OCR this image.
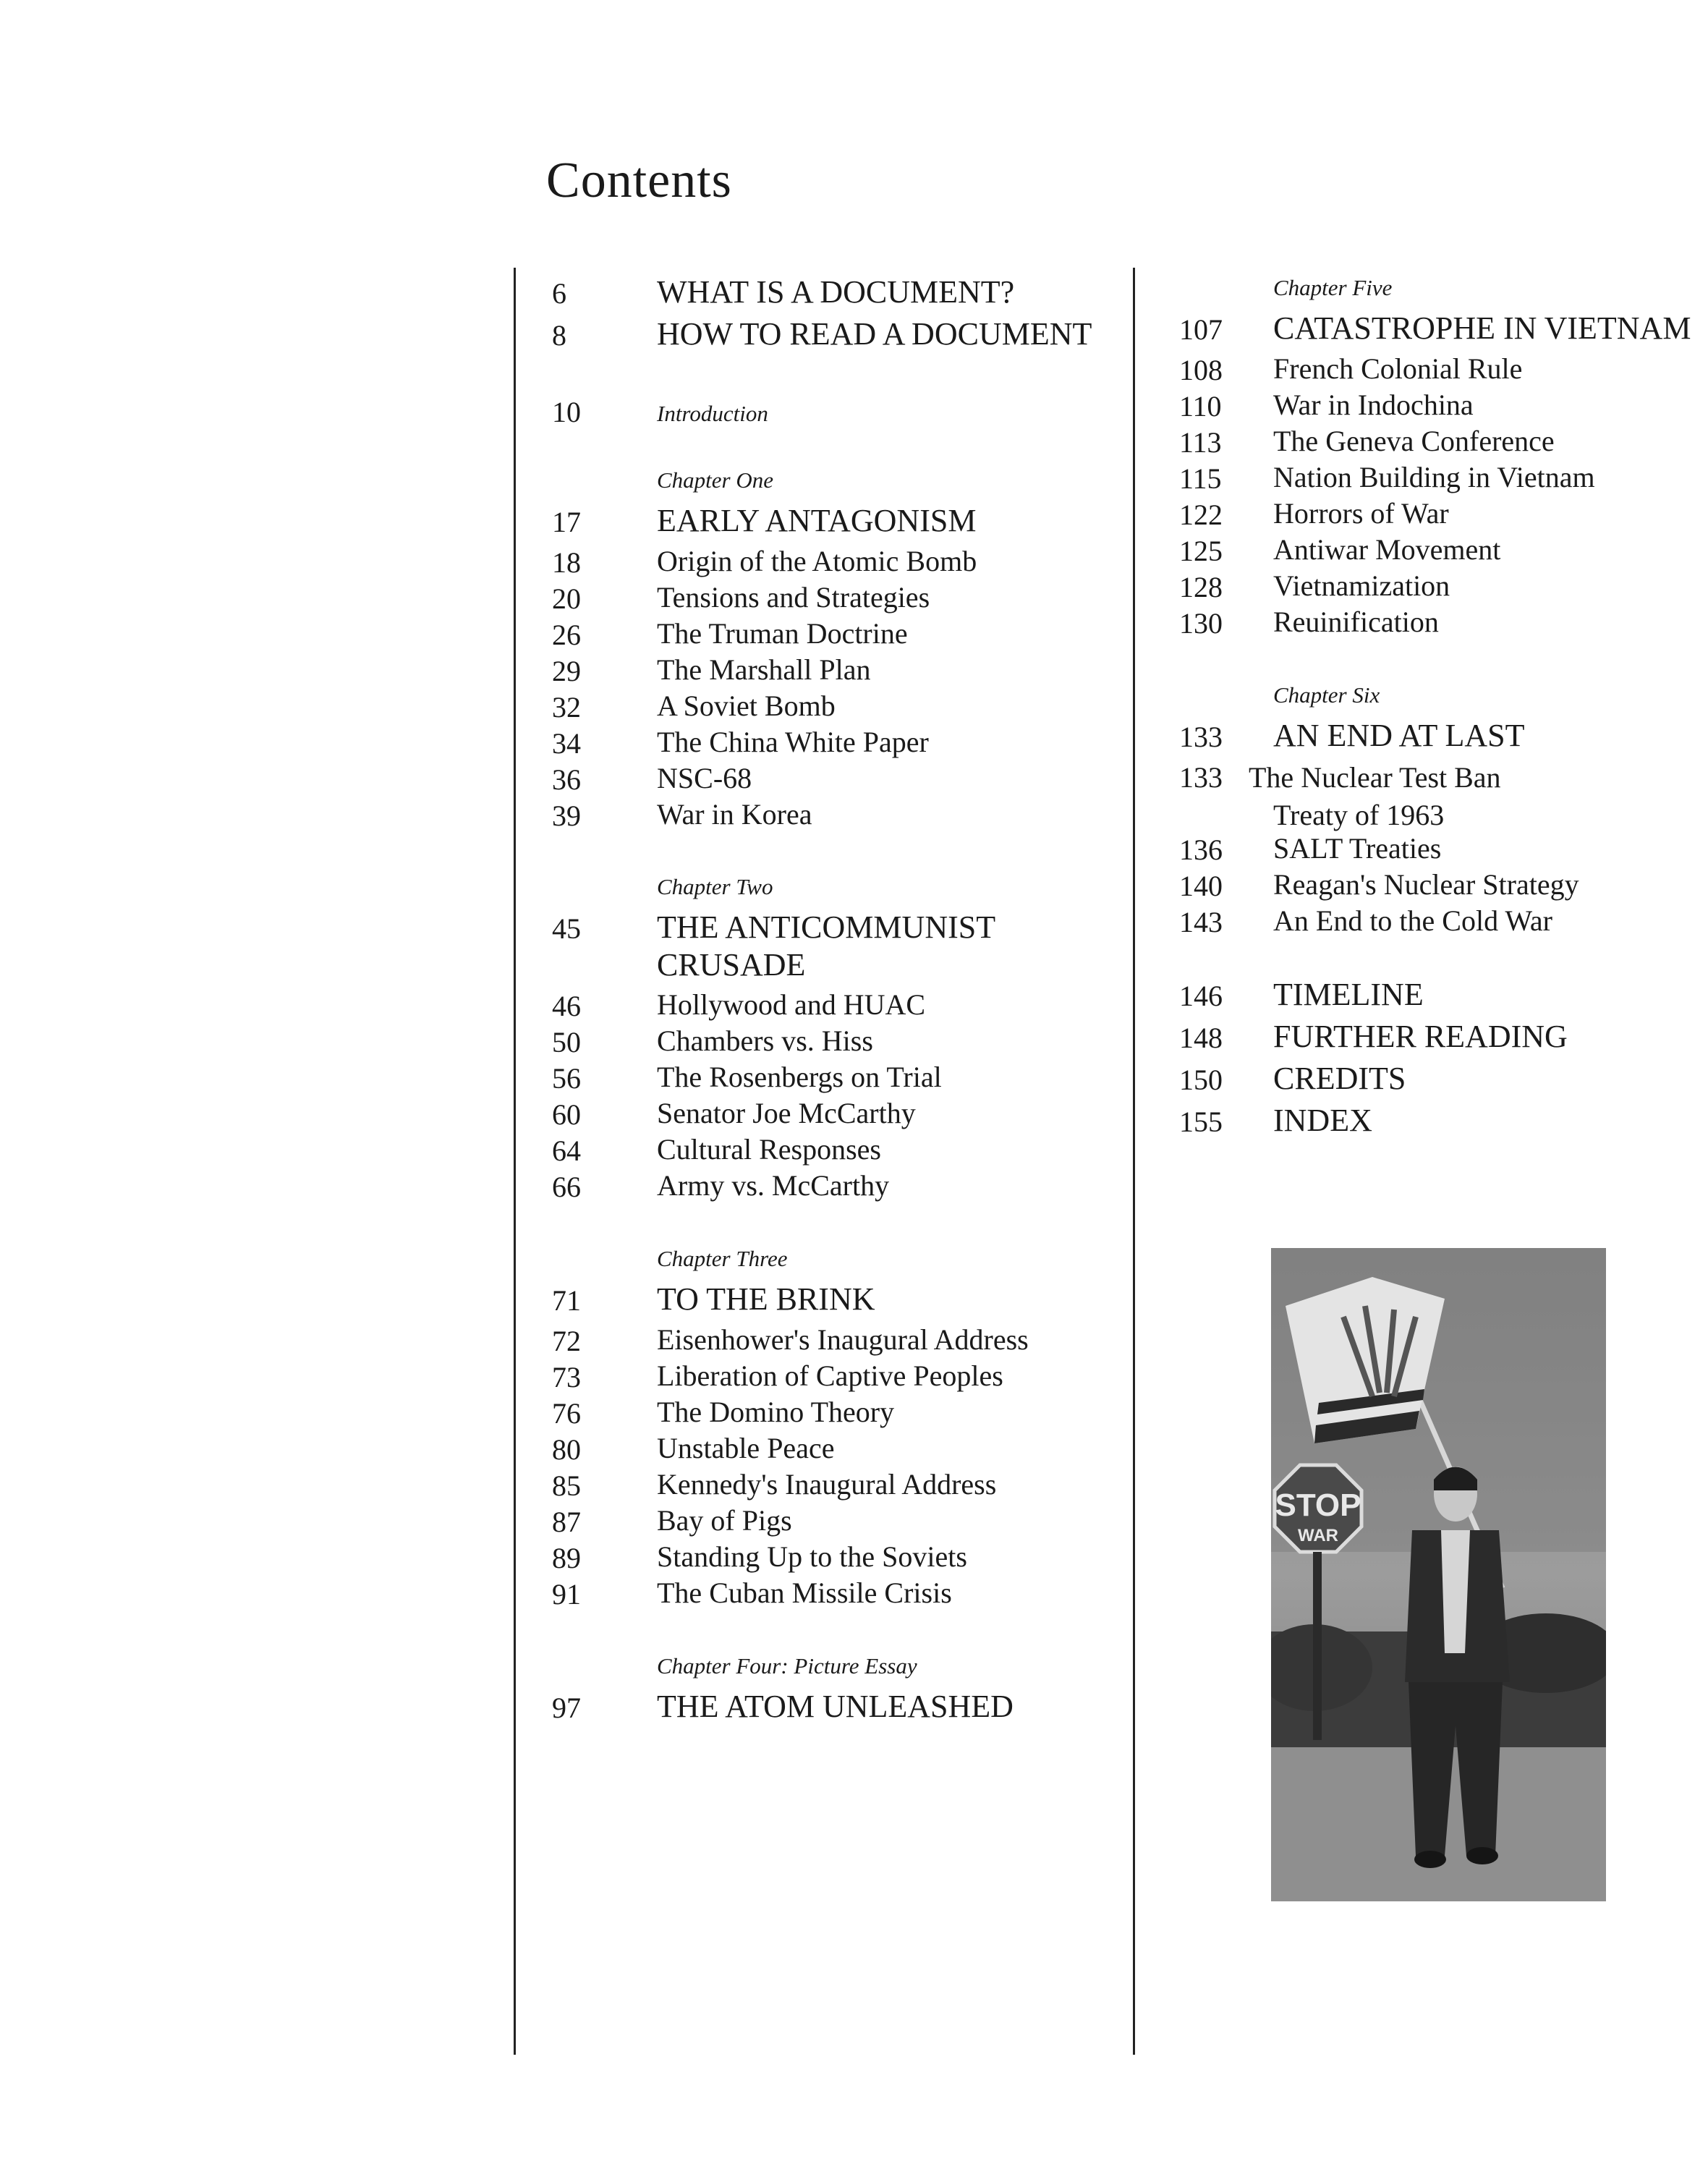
Contents
6	WHAT IS A DOCUMENT?
8	HOW TO READ A DOCUMENT
10	Introduction
Chapter One
17 EARLY ANTAGONISM
18	Origin of the Atomic Bomb
20	Tensions and Strategies
26	The Truman Doctrine
29	The Marshall Plan
32	A Soviet Bomb
34	The China White Paper
36	NSC-68
39	War in Korea
Chapter Two
45 THE ANTICOMMUNIST CRUSADE
46	Hollywood and HUAC
50	Chambers vs. Hiss
56	The Rosenbergs on Trial
60	Senator Joe McCarthy
64	Cultural Responses
66	Army vs. McCarthy
Chapter Three
71 TO THE BRINK
72	Eisenhower's Inaugural Address
73	Liberation of Captive Peoples
76	The Domino Theory
80	Unstable Peace
85	Kennedy's Inaugural Address
87	Bay of Pigs
89	Standing Up to the Soviets
91	The Cuban Missile Crisis
Chapter Four: Picture Essay
97 THE ATOM UNLEASHED
Chapter Five
107 CATASTROPHE IN VIETNAM
108 French Colonial Rule
110 War in Indochina
113 The Geneva Conference
115 Nation Building in Vietnam
122 Horrors of War
125 Antiwar Movement
128 Vietnamization
130 Reuinification
Chapter Six
133 AN END AT LAST
133 The Nuclear Test Ban Treaty of 1963
136 SALT Treaties
140 Reagan's Nuclear Strategy
143 An End to the Cold War
146 TIMELINE
148 FURTHER READING
150 CREDITS
155 INDEX
STOP
WAR
